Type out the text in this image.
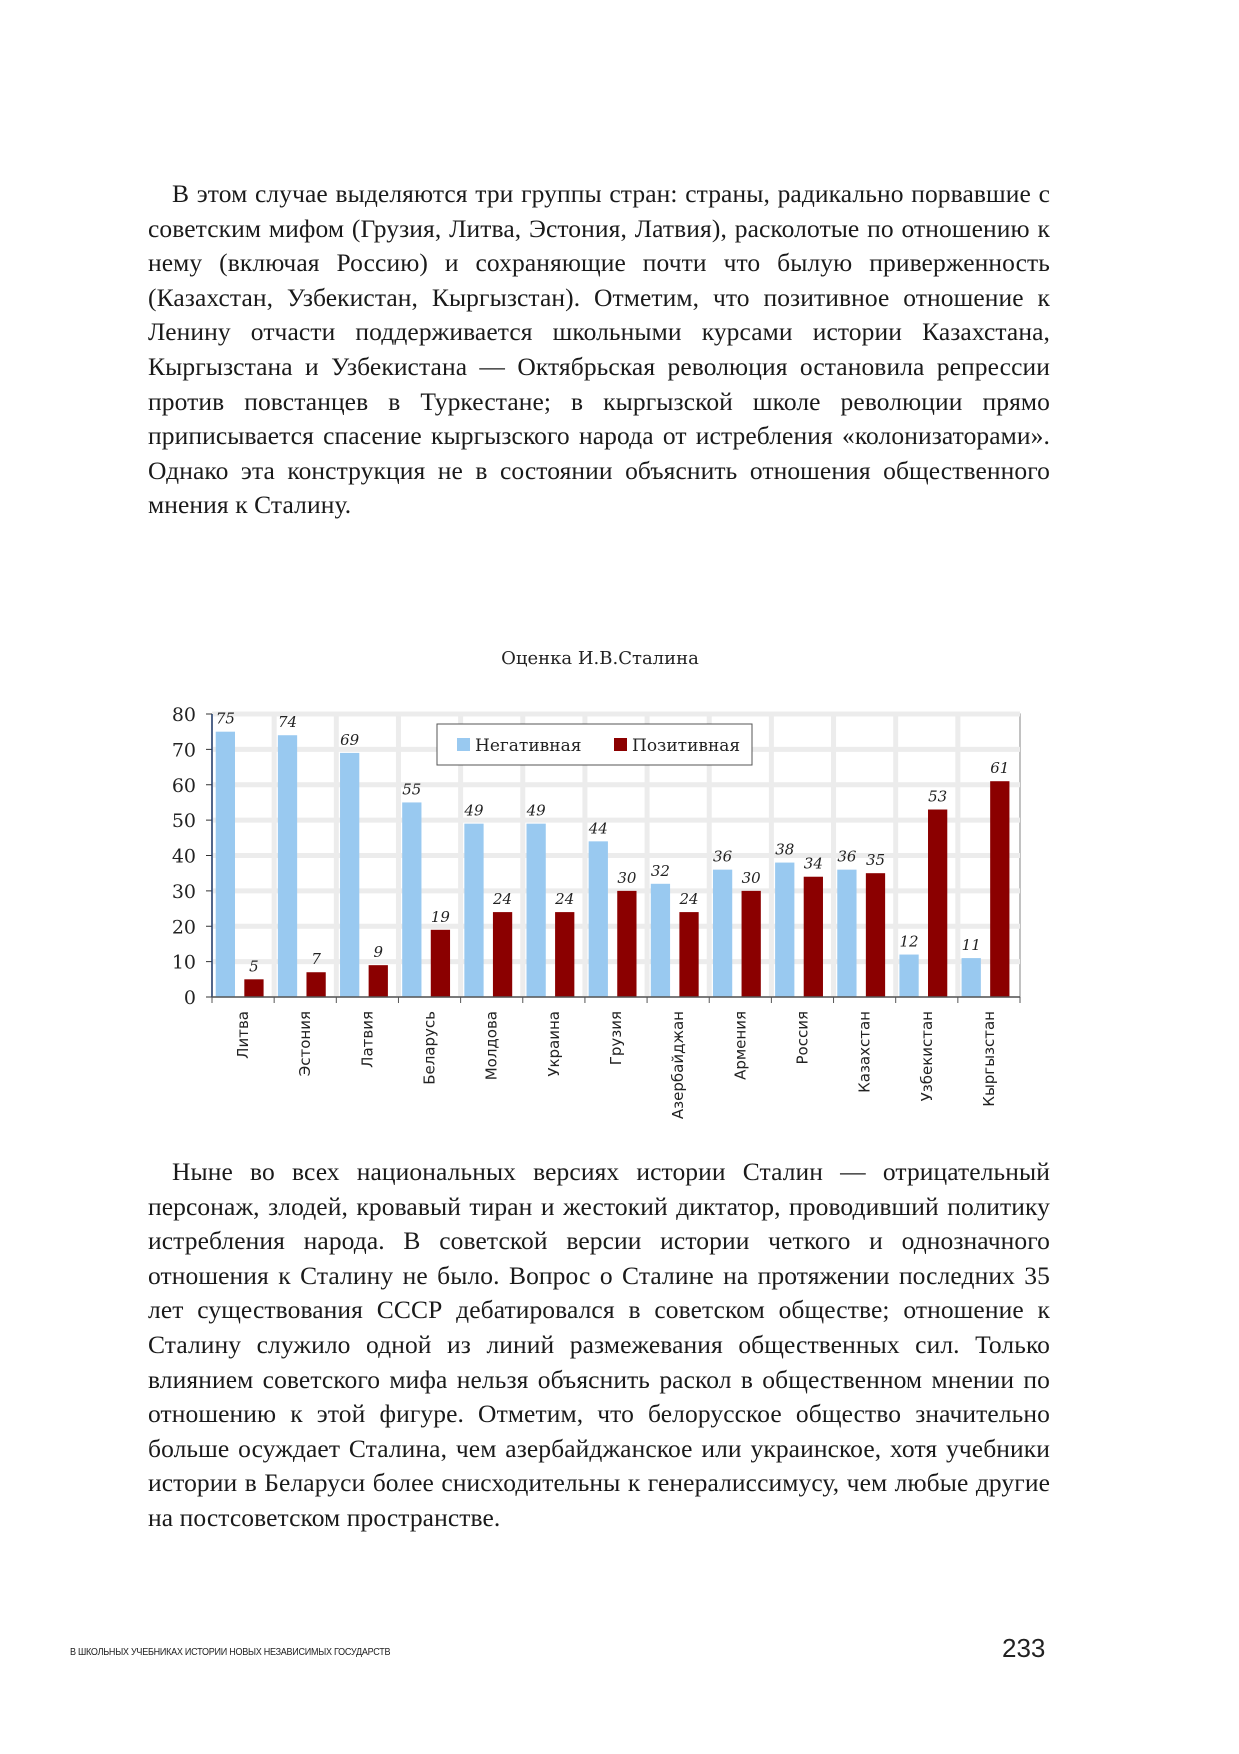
В этом случае выделяются три группы стран: страны, радикально порвавшие с советским мифом (Грузия, Литва, Эстония, Латвия), расколотые по отношению к нему (включая Россию) и сохраняющие почти что былую приверженность (Казахстан, Узбекистан, Кыргызстан). Отметим, что позитивное отношение к Ленину отчасти поддерживается школьными курсами истории Казахстана, Кыргызстана и Узбекистана — Октябрьская революция остановила репрессии против повстанцев в Туркестане; в кыргызской школе революции прямо приписывается спасение кыргызского народа от истребления «колонизаторами». Однако эта конструкция не в состоянии объяснить отношения общественного мнения к Сталину.

Оценка И.В.Сталина
0
10
20
30
40
50
60
70
80 75	74
69
55
49	49
44
32
36	38	36
12	11
5	7	9
19
24	24
30
24
30
34	35
53
61
Литва	Эстония	Латвия	Беларусь	Молдова	Украина	Грузия	Азербайджан	Армения	Россия	Казахстан	Узбекистан	Кыргызстан
Негативная	Позитивная

Ныне во всех национальных версиях истории Сталин — отрицательный персонаж, злодей, кровавый тиран и жестокий диктатор, проводивший политику истребления народа. В советской версии истории четкого и однозначного отношения к Сталину не было. Вопрос о Сталине на протяжении последних 35 лет существования СССР дебатировался в советском обществе; отношение к Сталину служило одной из линий размежевания общественных сил. Только влиянием советского мифа нельзя объяснить раскол в общественном мнении по отношению к этой фигуре. Отметим, что белорусское общество значительно больше осуждает Сталина, чем азербайджанское или украинское, хотя учебники истории в Беларуси более снисходительны к генералиссимусу, чем любые другие на постсоветском пространстве.

В ШКОЛЬНЫХ УЧЕБНИКАХ ИСТОРИИ НОВЫХ НЕЗАВИСИМЫХ ГОСУДАРСТВ	233
